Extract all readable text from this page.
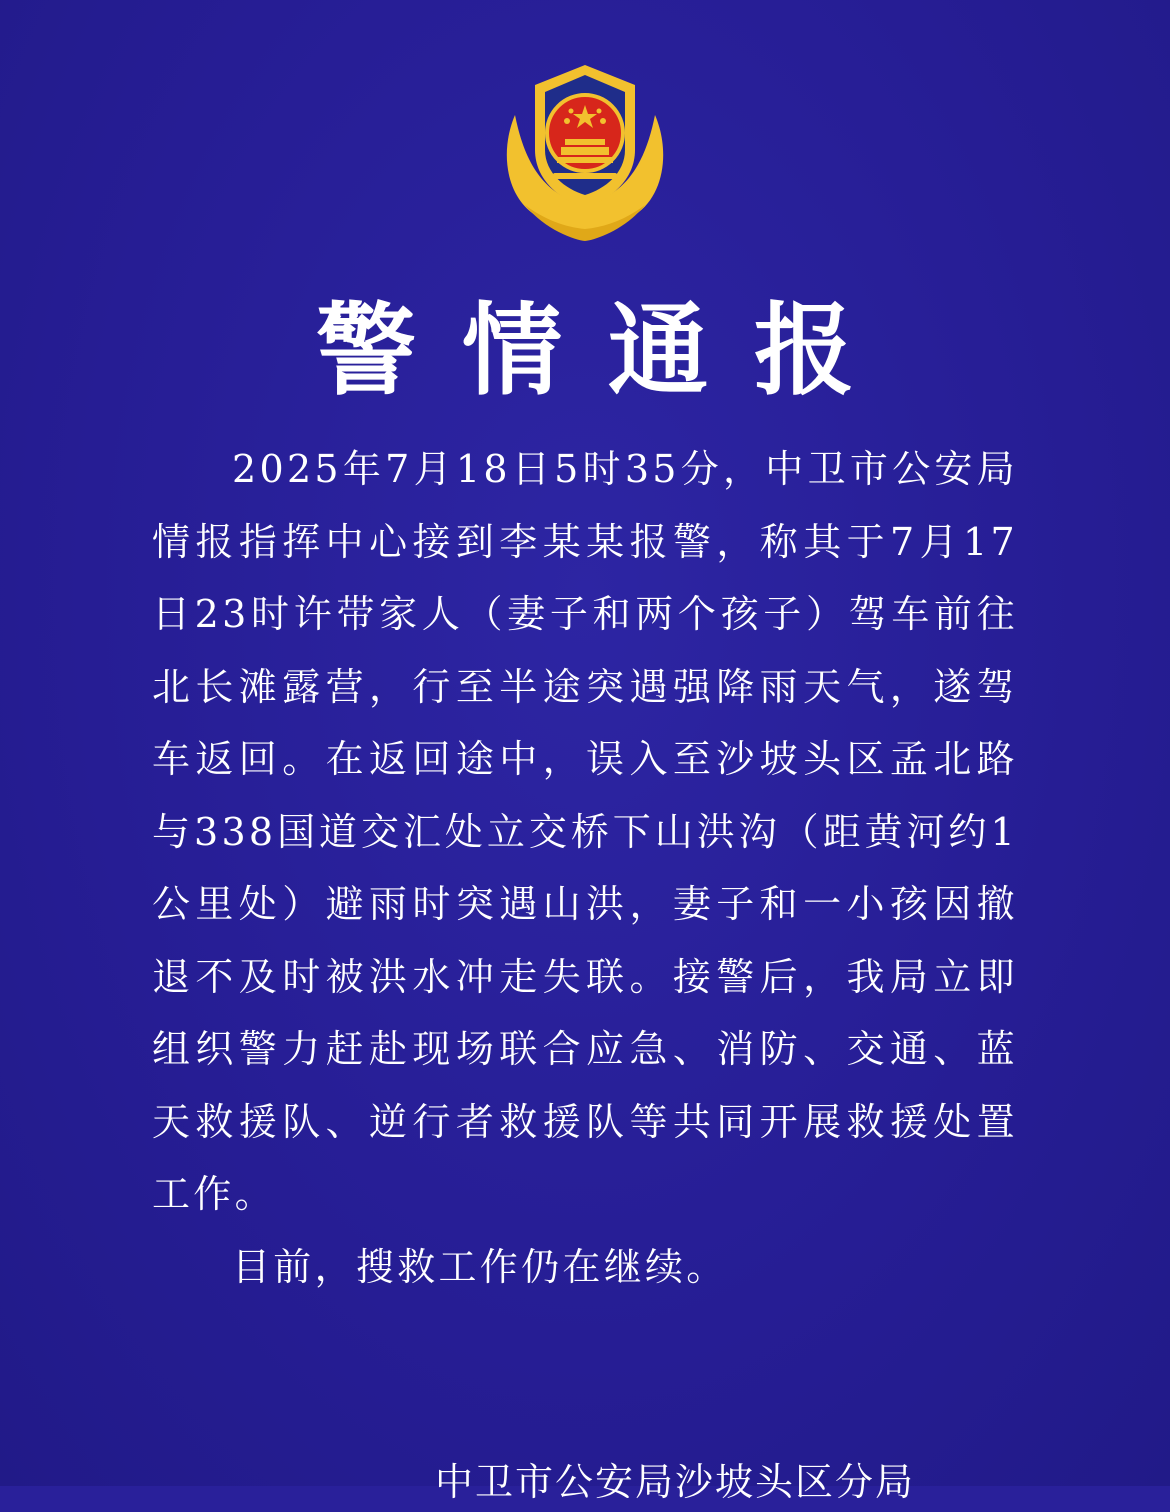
警情通报

2025年7月18日5时35分，中卫市公安局情报指挥中心接到李某某报警，称其于7月17日23时许带家人（妻子和两个孩子）驾车前往北长滩露营，行至半途突遇强降雨天气，遂驾车返回。在返回途中，误入至沙坡头区孟北路与338国道交汇处立交桥下山洪沟（距黄河约1公里处）避雨时突遇山洪，妻子和一小孩因撤退不及时被洪水冲走失联。接警后，我局立即组织警力赶赴现场联合应急、消防、交通、蓝天救援队、逆行者救援队等共同开展救援处置工作。

目前，搜救工作仍在继续。

中卫市公安局沙坡头区分局
